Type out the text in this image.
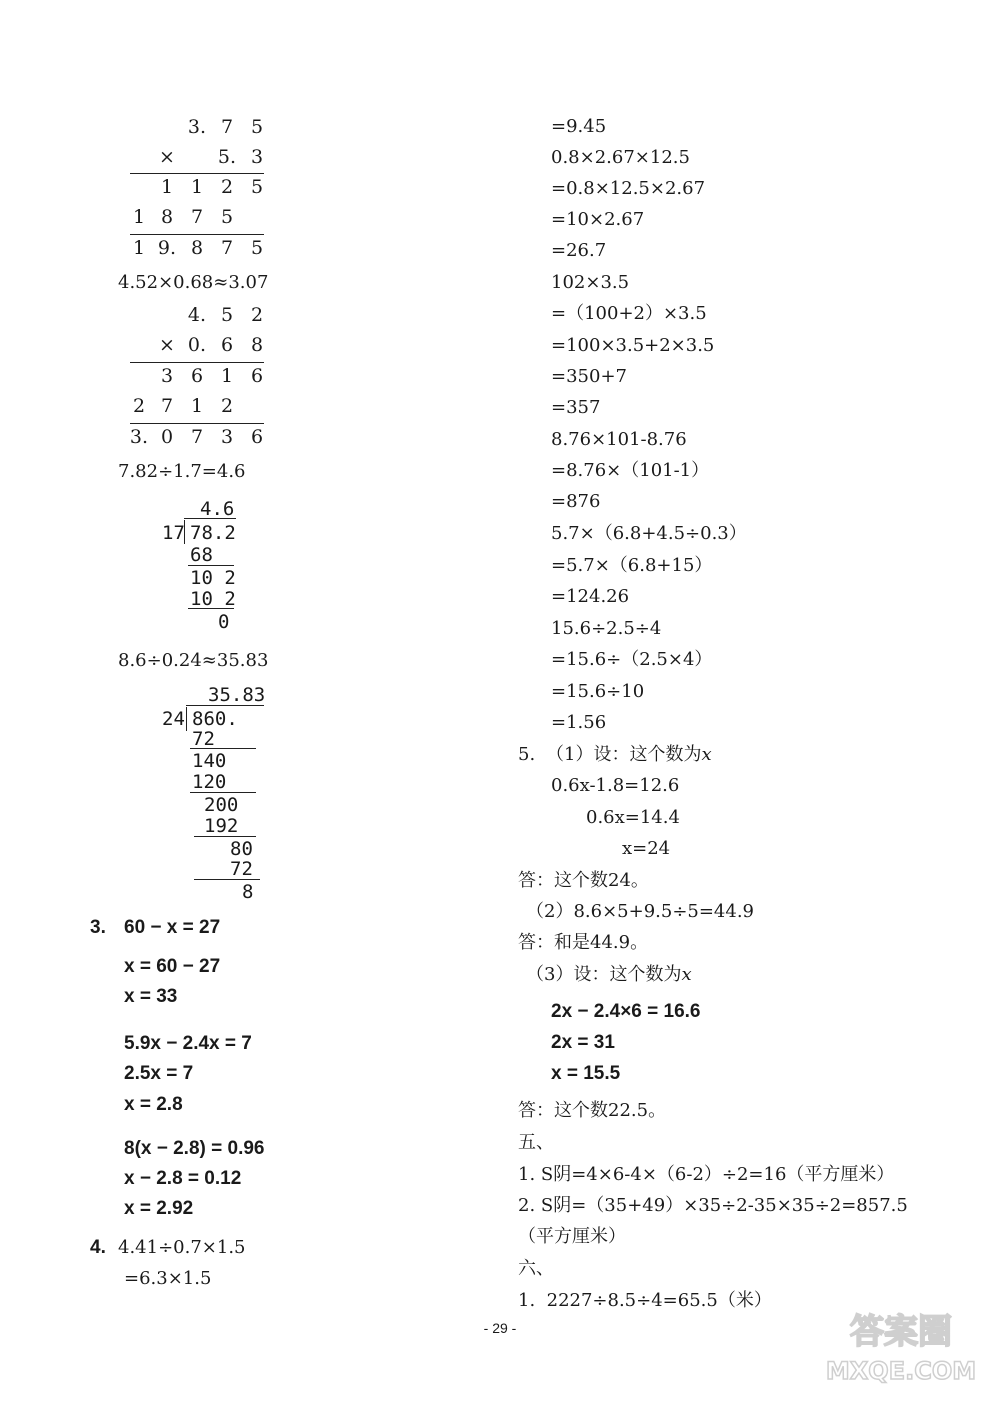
3. 7 5
× 5. 3
1 1 2 5
1 8 7 5
1 9. 8 7 5
4.52×0.68≈3.07
4. 5 2
× 0. 6 8
3 6 1 6
2 7 1 2
3. 0 7 3 6
7.82÷1.7=4.6
4.6
17 78.2
68
10 2
10 2
0
8.6÷0.24≈35.83
35.83
24 860.
72
140
120
200
192
80
72
8
3. 60 − x = 27
x = 60 − 27
x = 33
5.9x − 2.4x = 7
2.5x = 7
x = 2.8
8(x − 2.8) = 0.96
x − 2.8 = 0.12
x = 2.92
4. 4.41÷0.7×1.5
=6.3×1.5
=9.45
0.8×2.67×12.5
=0.8×12.5×2.67
=10×2.67
=26.7
102×3.5
=（100+2）×3.5
=100×3.5+2×3.5
=350+7
=357
8.76×101-8.76
=8.76×（101-1）
=876
5.7×（6.8+4.5÷0.3）
=5.7×（6.8+15）
=124.26
15.6÷2.5÷4
=15.6÷（2.5×4）
=15.6÷10
=1.56
5. （1）设：这个数为x
0.6x-1.8=12.6
0.6x=14.4
x=24
答：这个数24。
（2）8.6×5+9.5÷5=44.9
答：和是44.9。
（3）设：这个数为x
2x − 2.4×6 = 16.6
2x = 31
x = 15.5
答：这个数22.5。
五、
1. S阴=4×6-4×（6-2）÷2=16（平方厘米）
2. S阴=（35+49）×35÷2-35×35÷2=857.5
（平方厘米）
六、
1.  2227÷8.5÷4=65.5（米）
- 29 -	答案圈
MXQE.COM
